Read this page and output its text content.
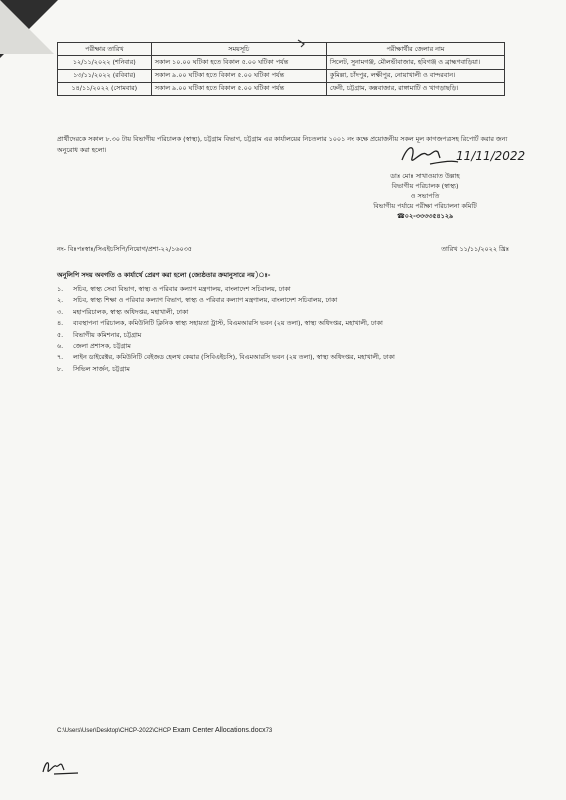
পরীক্ষার তারিখ	সময়সূচি	পরীক্ষার্থীর জেলার নাম
১২/১১/২০২২ (শনিবার)	সকাল ১০.০০ ঘটিকা হতে বিকাল ৫.০০ ঘটিকা পর্যন্ত	সিলেট, সুনামগঞ্জ, মৌলভীবাজার, হবিগঞ্জ ও ব্রাহ্মণবাড়িয়া।
১৩/১১/২০২২ (রবিবার)	সকাল ৯.০০ ঘটিকা হতে বিকাল ৫.০০ ঘটিকা পর্যন্ত	কুমিল্লা, চাঁদপুর, লক্ষীপুর, নোয়াখালী ও বান্দরবান।
১৪/১১/২০২২ (সোমবার)	সকাল ৯.০০ ঘটিকা হতে বিকাল ৫.০০ ঘটিকা পর্যন্ত	ফেনী, চট্টগ্রাম, কক্সবাজার, রাঙ্গামাটি ও খাগড়াছড়ি।

প্রার্থীদেরকে সকাল ৮.৩০ টায় বিভাগীয় পরিচালক (স্বাস্থ্য), চট্টগ্রাম বিভাগ, চট্টগ্রাম এর কার্যালয়ের নিচতলার ১০০১ নং কক্ষে প্রয়োজনীয় সকল মূল কাগজপত্রসহ রিপোর্ট করার জন্য অনুরোধ করা হলো।	11/11/2022
ডাঃ মোঃ সাখাওয়াত উল্লাহ
বিভাগীয় পরিচালক (স্বাস্থ্য)
ও সভাপতি
বিভাগীয় পর্যায়ে পরীক্ষা পরিচালনা কমিটি
☎০২-৩৩৩৩৫৪১২৯
নং- বিঃপঃস্বাঃ/সিএইচসিপি/নিয়োগ/প্রশা-২২/১৬০৩৫	তারিখ ১১/১১/২০২২ খ্রিঃ
অনুলিপি সদয় অবগতি ও কার্যার্থে প্রেরণ করা হলো (জ্যেষ্ঠতার ক্রমানুসারে নয়)ঃ-
১.	সচিব, স্বাস্থ্য সেবা বিভাগ, স্বাস্থ্য ও পরিবার কল্যাণ মন্ত্রণালয়, বাংলাদেশ সচিবালয়, ঢাকা
২.	সচিব, স্বাস্থ্য শিক্ষা ও পরিবার কল্যাণ বিভাগ, স্বাস্থ্য ও পরিবার কল্যাণ মন্ত্রণালয়, বাংলাদেশ সচিবালয়, ঢাকা
৩.	মহাপরিচালক, স্বাস্থ্য অধিদপ্তর, মহাখালী, ঢাকা
৪.	ব্যবস্থাপনা পরিচালক, কমিউনিটি ক্লিনিক স্বাস্থ্য সহায়তা ট্রাস্ট, বিএমআরসি ভবন (২য় তলা), স্বাস্থ্য অধিদপ্তর, মহাখালী, ঢাকা
৫.	বিভাগীয় কমিশনার, চট্টগ্রাম
৬.	জেলা প্রশাসক, চট্টগ্রাম
৭.	লাইন ডাইরেক্টর, কমিউনিটি বেইজড হেলথ কেয়ার (সিবিএইচসি), বিএমআরসি ভবন (২য় তলা), স্বাস্থ্য অধিদপ্তর, মহাখালী, ঢাকা
৮.	সিভিল সার্জন, চট্টগ্রাম
C:\Users\User\Desktop\CHCP-2022\CHCP Exam Center Allocations.docx73
